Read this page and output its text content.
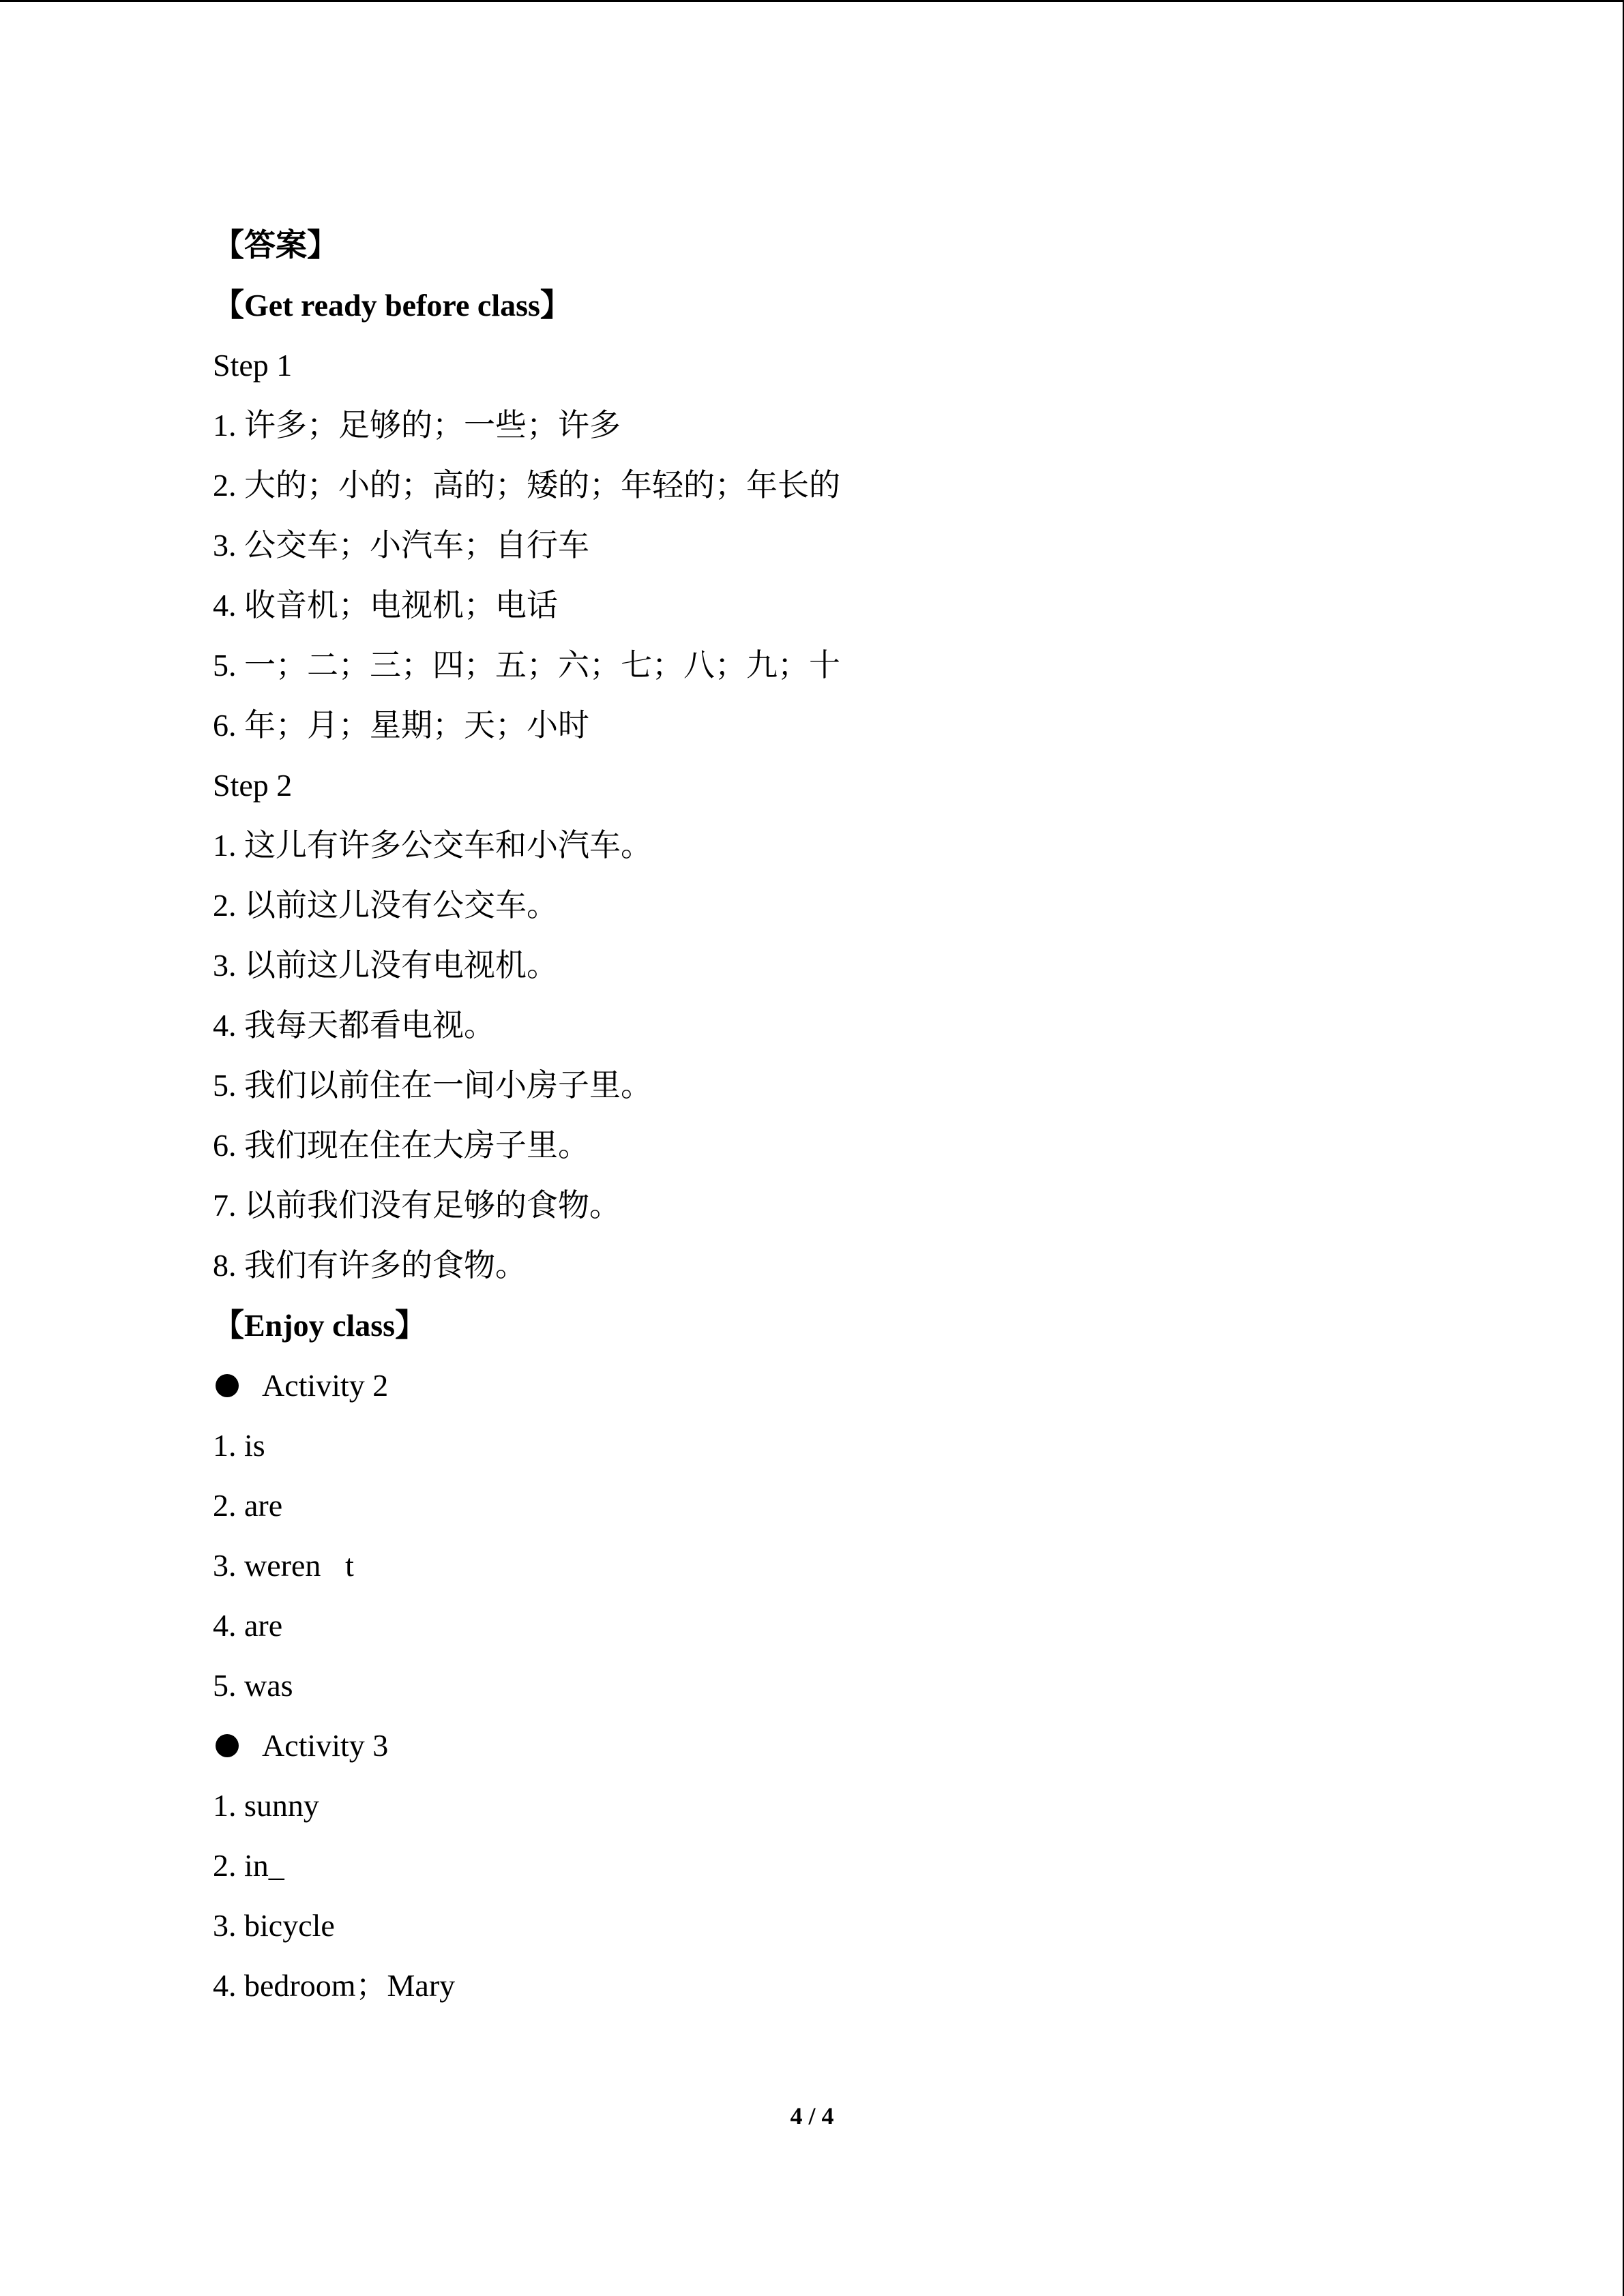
【答案】
【Get ready before class】
Step 1
1. 许多；足够的；一些；许多
2. 大的；小的；高的；矮的；年轻的；年长的
3. 公交车；小汽车；自行车
4. 收音机；电视机；电话
5. 一；二；三；四；五；六；七；八；九；十
6. 年；月；星期；天；小时
Step 2
1. 这儿有许多公交车和小汽车。
2. 以前这儿没有公交车。
3. 以前这儿没有电视机。
4. 我每天都看电视。
5. 我们以前住在一间小房子里。
6. 我们现在住在大房子里。
7. 以前我们没有足够的食物。
8. 我们有许多的食物。
【Enjoy class】
Activity 2
1. is
2. are
3. weren t
4. are
5. was
Activity 3
1. sunny
2. in_
3. bicycle
4. bedroom；Mary
4 / 4
